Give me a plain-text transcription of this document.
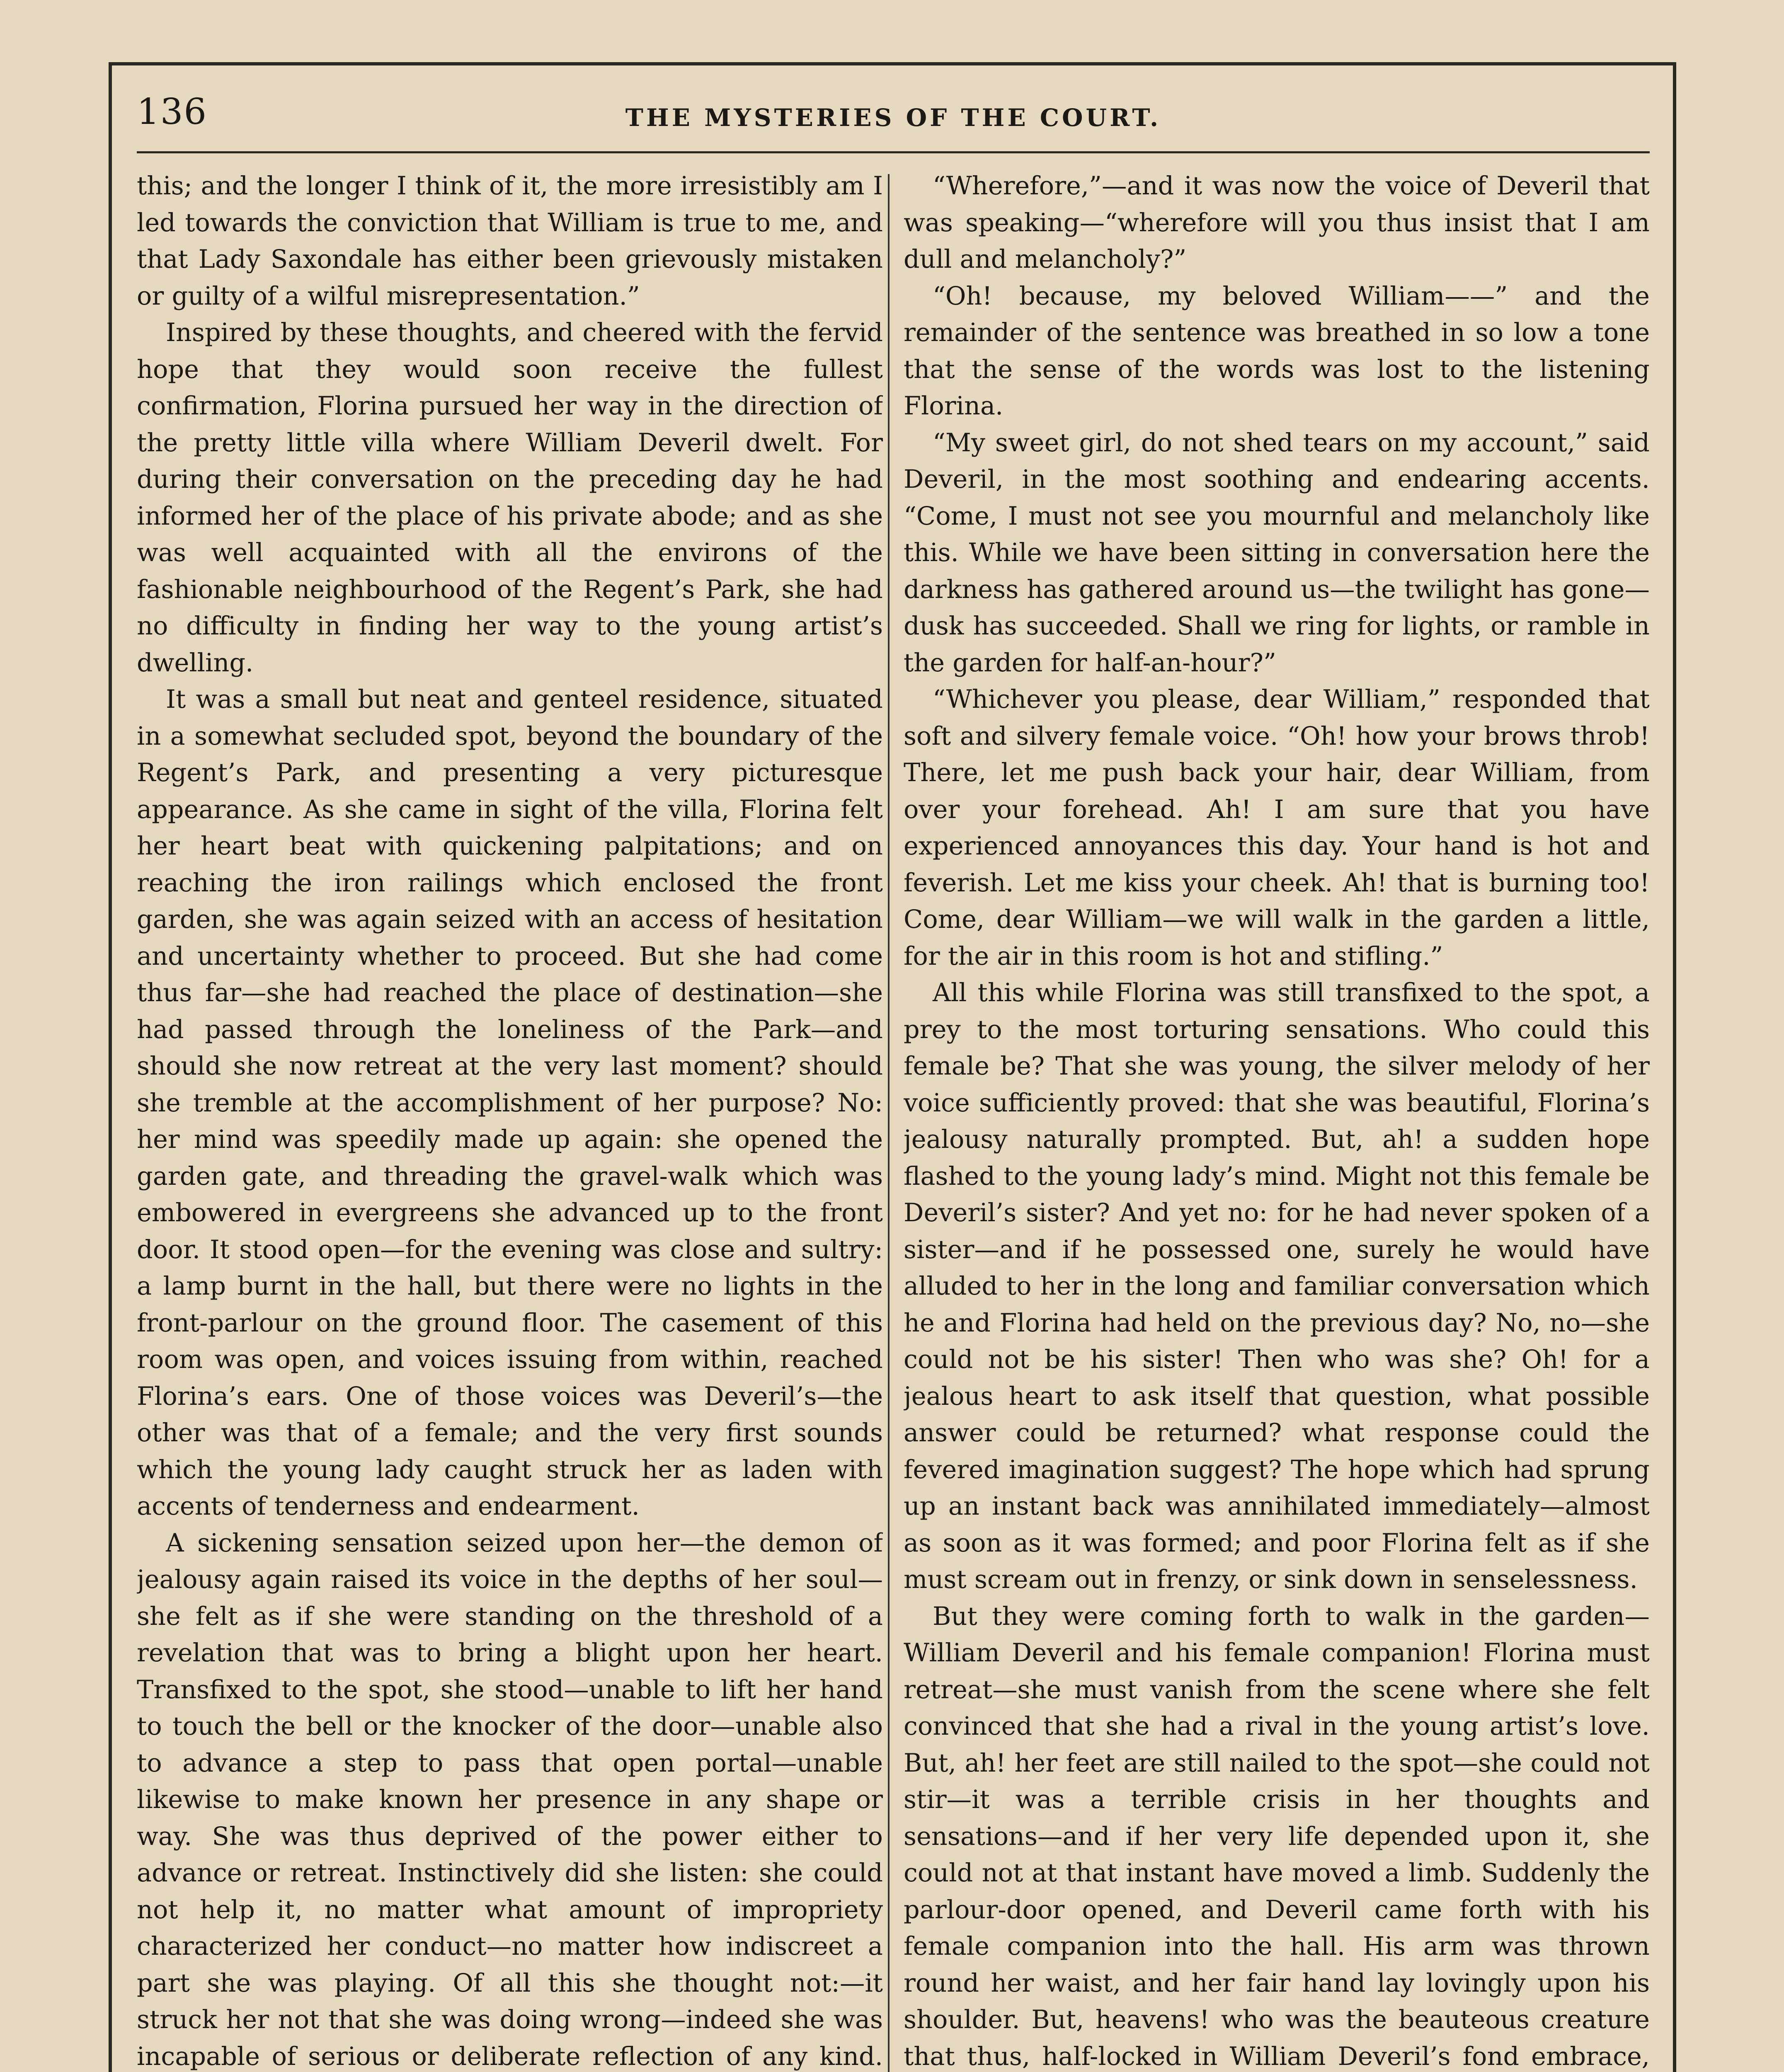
136	THE MYSTERIES OF THE COURT.

this; and the longer I think of it, the more irresistibly am I led towards the conviction that William is true to me, and that Lady Saxondale has either been grievously mistaken or guilty of a wilful misrepresentation.”

Inspired by these thoughts, and cheered with the fervid hope that they would soon receive the fullest confirmation, Florina pursued her way in the direction of the pretty little villa where William Deveril dwelt. For during their conversation on the preceding day he had informed her of the place of his private abode; and as she was well acquainted with all the environs of the fashionable neighbourhood of the Regent’s Park, she had no difficulty in finding her way to the young artist’s dwelling.

It was a small but neat and genteel residence, situated in a somewhat secluded spot, beyond the boundary of the Regent’s Park, and presenting a very picturesque appearance. As she came in sight of the villa, Florina felt her heart beat with quickening palpitations; and on reaching the iron railings which enclosed the front garden, she was again seized with an access of hesitation and uncertainty whether to proceed. But she had come thus far—she had reached the place of destination—she had passed through the loneliness of the Park—and should she now retreat at the very last moment? should she tremble at the accomplishment of her purpose? No: her mind was speedily made up again: she opened the garden gate, and threading the gravel-walk which was embowered in evergreens she advanced up to the front door. It stood open—for the evening was close and sultry: a lamp burnt in the hall, but there were no lights in the front-parlour on the ground floor. The casement of this room was open, and voices issuing from within, reached Florina’s ears. One of those voices was Deveril’s—the other was that of a female; and the very first sounds which the young lady caught struck her as laden with accents of tenderness and endearment.

A sickening sensation seized upon her—the demon of jealousy again raised its voice in the depths of her soul—she felt as if she were standing on the threshold of a revelation that was to bring a blight upon her heart. Transfixed to the spot, she stood—unable to lift her hand to touch the bell or the knocker of the door—unable also to advance a step to pass that open portal—unable likewise to make known her presence in any shape or way. She was thus deprived of the power either to advance or retreat. Instinctively did she listen: she could not help it, no matter what amount of impropriety characterized her conduct—no matter how indiscreet a part she was playing. Of all this she thought not:—it struck her not that she was doing wrong—indeed she was incapable of serious or deliberate reflection of any kind.

“Wherefore,”—and it was now the voice of Deveril that was speaking—“wherefore will you thus insist that I am dull and melancholy?”

“Oh! because, my beloved William——” and the remainder of the sentence was breathed in so low a tone that the sense of the words was lost to the listening Florina.

“My sweet girl, do not shed tears on my account,” said Deveril, in the most soothing and endearing accents. “Come, I must not see you mournful and melancholy like this. While we have been sitting in conversation here the darkness has gathered around us—the twilight has gone—dusk has succeeded. Shall we ring for lights, or ramble in the garden for half-an-hour?”

“Whichever you please, dear William,” responded that soft and silvery female voice. “Oh! how your brows throb! There, let me push back your hair, dear William, from over your forehead. Ah! I am sure that you have experienced annoyances this day. Your hand is hot and feverish. Let me kiss your cheek. Ah! that is burning too! Come, dear William—we will walk in the garden a little, for the air in this room is hot and stifling.”

All this while Florina was still transfixed to the spot, a prey to the most torturing sensations. Who could this female be? That she was young, the silver melody of her voice sufficiently proved: that she was beautiful, Florina’s jealousy naturally prompted. But, ah! a sudden hope flashed to the young lady’s mind. Might not this female be Deveril’s sister? And yet no: for he had never spoken of a sister—and if he possessed one, surely he would have alluded to her in the long and familiar conversation which he and Florina had held on the previous day? No, no—she could not be his sister! Then who was she? Oh! for a jealous heart to ask itself that question, what possible answer could be returned? what response could the fevered imagination suggest? The hope which had sprung up an instant back was annihilated immediately—almost as soon as it was formed; and poor Florina felt as if she must scream out in frenzy, or sink down in senselessness.

But they were coming forth to walk in the garden—William Deveril and his female companion! Florina must retreat—she must vanish from the scene where she felt convinced that she had a rival in the young artist’s love. But, ah! her feet are still nailed to the spot—she could not stir—it was a terrible crisis in her thoughts and sensations—and if her very life depended upon it, she could not at that instant have moved a limb. Suddenly the parlour-door opened, and Deveril came forth with his female companion into the hall. His arm was thrown round her waist, and her fair hand lay lovingly upon his shoulder. But, heavens! who was the beauteous creature that thus, half-locked in William Deveril’s fond embrace,
